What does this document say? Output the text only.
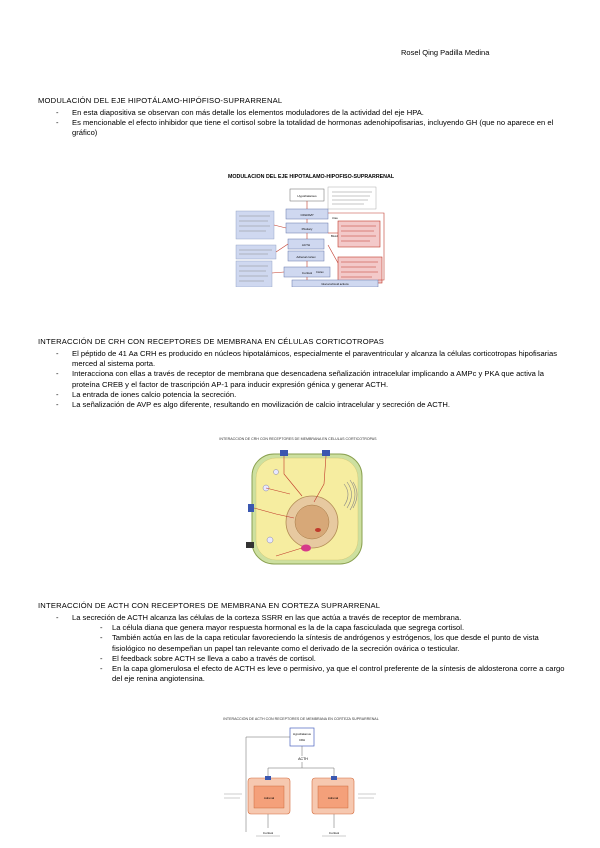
Rosel Qing Padilla Medina
MODULACIÓN DEL EJE HIPOTÁLAMO-HIPÓFISO-SUPRARRENAL
- En esta diapositiva se observan con más detalle los elementos moduladores de la actividad del eje HPA.
- Es mencionable el efecto inhibidor que tiene el cortisol sobre la totalidad de hormonas adenohipofisarias, incluyendo GH (que no aparece en el gráfico)
MODULACION DEL EJE HIPOTALAMO-HIPOFISO-SUPRARRENAL
Hypothalamus
CRH/AVP
Pituitary
ACTH
Adrenal cortex
Cortisol
Glucocorticoid actions
Urea
Blood
Cortex
INTERACCIÓN DE CRH CON RECEPTORES DE MEMBRANA EN CÉLULAS CORTICOTROPAS
- El péptido de 41 Aa CRH es producido en núcleos hipotalámicos, especialmente el paraventricular y alcanza la células corticotropas hipofisarias merced al sistema porta.
- Interacciona con ellas a través de receptor de membrana que desencadena señalización intracelular implicando a AMPc y PKA que activa la proteína CREB y el factor de trascripción AP-1 para inducir expresión génica y generar ACTH.
- La entrada de iones calcio potencia la secreción.
- La señalización de AVP es algo diferente, resultando en movilización de calcio intracelular y secreción de ACTH.
INTERACCIÓN DE CRH CON RECEPTORES DE MEMBRANA EN CÉLULAS CORTICOTROPAS
INTERACCIÓN DE ACTH CON RECEPTORES DE MEMBRANA EN CORTEZA SUPRARRENAL
- La secreción de ACTH alcanza las células de la corteza SSRR en las que actúa a través de receptor de membrana.
- La célula diana que genera mayor respuesta hormonal es la de la capa fasciculada que segrega cortisol.
- También actúa en las de la capa reticular favoreciendo la síntesis de andrógenos y estrógenos, los que desde el punto de vista fisiológico no desempeñan un papel tan relevante como el derivado de la secreción ovárica o testicular.
- El feedback sobre ACTH se lleva a cabo a través de cortisol.
- En la capa glomerulosa el efecto de ACTH es leve o permisivo, ya que el control preferente de la síntesis de aldosterona corre a cargo del eje renina angiotensina.
INTERACCIÓN DE ACTH CON RECEPTORES DE MEMBRANA EN CORTEZA SUPRARRENAL
Hypothalamus
CRH
ACTH
Adrenal	Adrenal
Cortisol	Cortisol
